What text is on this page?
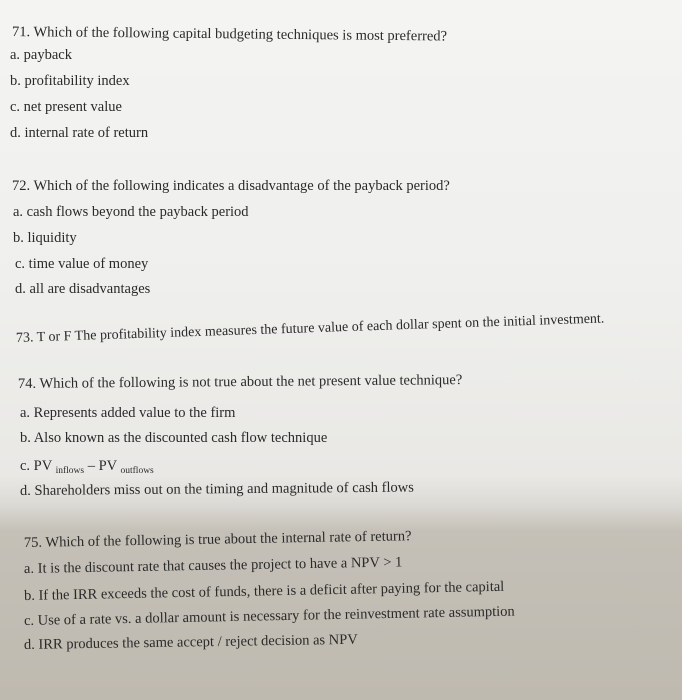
71. Which of the following capital budgeting techniques is most preferred?
a. payback
b. profitability index
c. net present value
d. internal rate of return
72. Which of the following indicates a disadvantage of the payback period?
a. cash flows beyond the payback period
b. liquidity
c. time value of money
d. all are disadvantages
73. T or F The profitability index measures the future value of each dollar spent on the initial investment.
74. Which of the following is not true about the net present value technique?
a. Represents added value to the firm
b. Also known as the discounted cash flow technique
c. PV $_{inflows}$ – PV $_{outflows}$
d. Shareholders miss out on the timing and magnitude of cash flows
75. Which of the following is true about the internal rate of return?
a. It is the discount rate that causes the project to have a NPV > 1
b. If the IRR exceeds the cost of funds, there is a deficit after paying for the capital
c. Use of a rate vs. a dollar amount is necessary for the reinvestment rate assumption
d. IRR produces the same accept / reject decision as NPV
